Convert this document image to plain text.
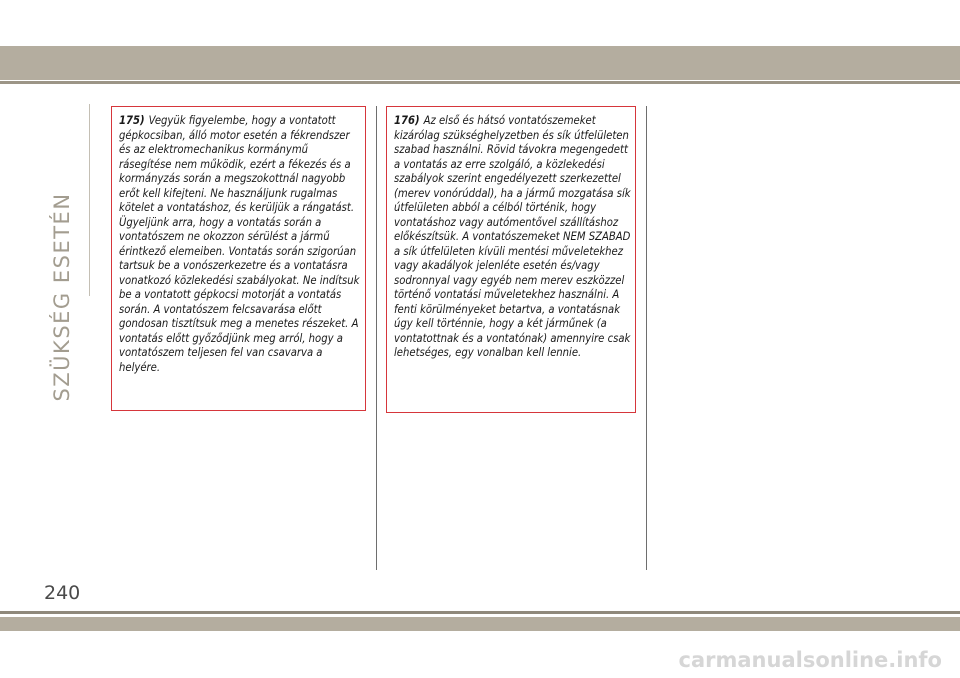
SZÜKSÉG ESETÉN
175) Vegyük figyelembe, hogy a vontatott gépkocsiban, álló motor esetén a fékrendszer és az elektromechanikus kormánymű rásegítése nem működik, ezért a fékezés és a kormányzás során a megszokottnál nagyobb erőt kell kifejteni. Ne használjunk rugalmas kötelet a vontatáshoz, és kerüljük a rángatást. Ügyeljünk arra, hogy a vontatás során a vontatószem ne okozzon sérülést a jármű érintkező elemeiben. Vontatás során szigorúan tartsuk be a vonószerkezetre és a vontatásra vonatkozó közlekedési szabályokat. Ne indítsuk be a vontatott gépkocsi motorját a vontatás során. A vontatószem felcsavarása előtt gondosan tisztítsuk meg a menetes részeket. A vontatás előtt győződjünk meg arról, hogy a vontatószem teljesen fel van csavarva a helyére.
176) Az első és hátsó vontatószemeket kizárólag szükséghelyzetben és sík útfelületen szabad használni. Rövid távokra megengedett a vontatás az erre szolgáló, a közlekedési szabályok szerint engedélyezett szerkezettel (merev vonórúddal), ha a jármű mozgatása sík útfelületen abból a célból történik, hogy vontatáshoz vagy autómentővel szállításhoz előkészítsük. A vontatószemeket NEM SZABAD a sík útfelületen kívüli mentési műveletekhez vagy akadályok jelenléte esetén és/vagy sodronnyal vagy egyéb nem merev eszközzel történő vontatási műveletekhez használni. A fenti körülményeket betartva, a vontatásnak úgy kell történnie, hogy a két járműnek (a vontatottnak és a vontatónak) amennyire csak lehetséges, egy vonalban kell lennie.
240
carmanualsonline.info
